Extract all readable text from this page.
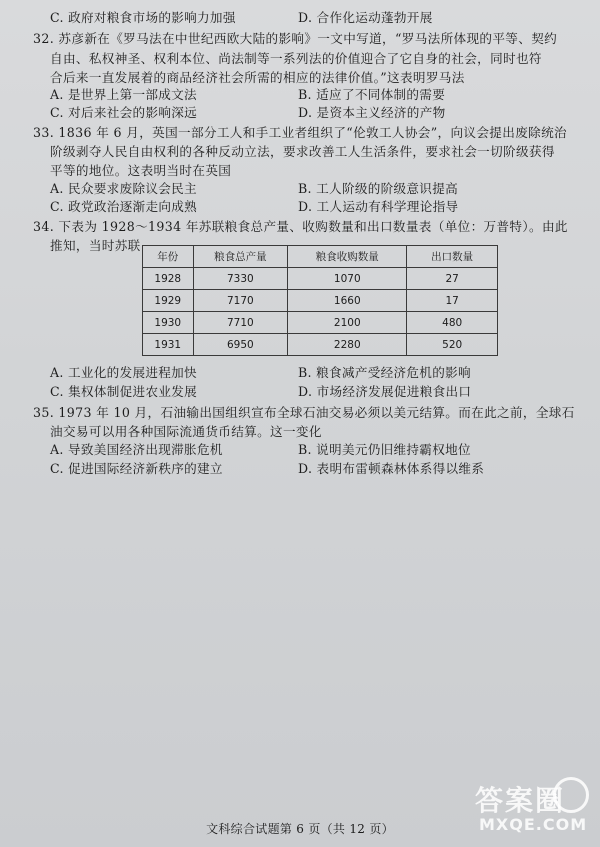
C. 政府对粮食市场的影响力加强	D. 合作化运动蓬勃开展
32. 苏彦新在《罗马法在中世纪西欧大陆的影响》一文中写道，“罗马法所体现的平等、契约
自由、私权神圣、权利本位、尚法制等一系列法的价值迎合了它自身的社会，同时也符
合后来一直发展着的商品经济社会所需的相应的法律价值。”这表明罗马法
A. 是世界上第一部成文法	B. 适应了不同体制的需要
C. 对后来社会的影响深远	D. 是资本主义经济的产物
33. 1836 年 6 月，英国一部分工人和手工业者组织了“伦敦工人协会”，向议会提出废除统治
阶级剥夺人民自由权利的各种反动立法，要求改善工人生活条件，要求社会一切阶级获得
平等的地位。这表明当时在英国
A. 民众要求废除议会民主	B. 工人阶级的阶级意识提高
C. 政党政治逐渐走向成熟	D. 工人运动有科学理论指导
34. 下表为 1928～1934 年苏联粮食总产量、收购数量和出口数量表（单位：万普特）。由此
推知，当时苏联
年份	粮食总产量	粮食收购数量	出口数量
1928	7330	1070	27
1929	7170	1660	17
1930	7710	2100	480
1931	6950	2280	520
A. 工业化的发展进程加快	B. 粮食减产受经济危机的影响
C. 集权体制促进农业发展	D. 市场经济发展促进粮食出口
35. 1973 年 10 月，石油输出国组织宣布全球石油交易必须以美元结算。而在此之前，全球石
油交易可以用各种国际流通货币结算。这一变化
A. 导致美国经济出现滞胀危机	B. 说明美元仍旧维持霸权地位
C. 促进国际经济新秩序的建立	D. 表明布雷顿森林体系得以维系
文科综合试题第 6 页（共 12 页）
答案圈
MXQE.COM
